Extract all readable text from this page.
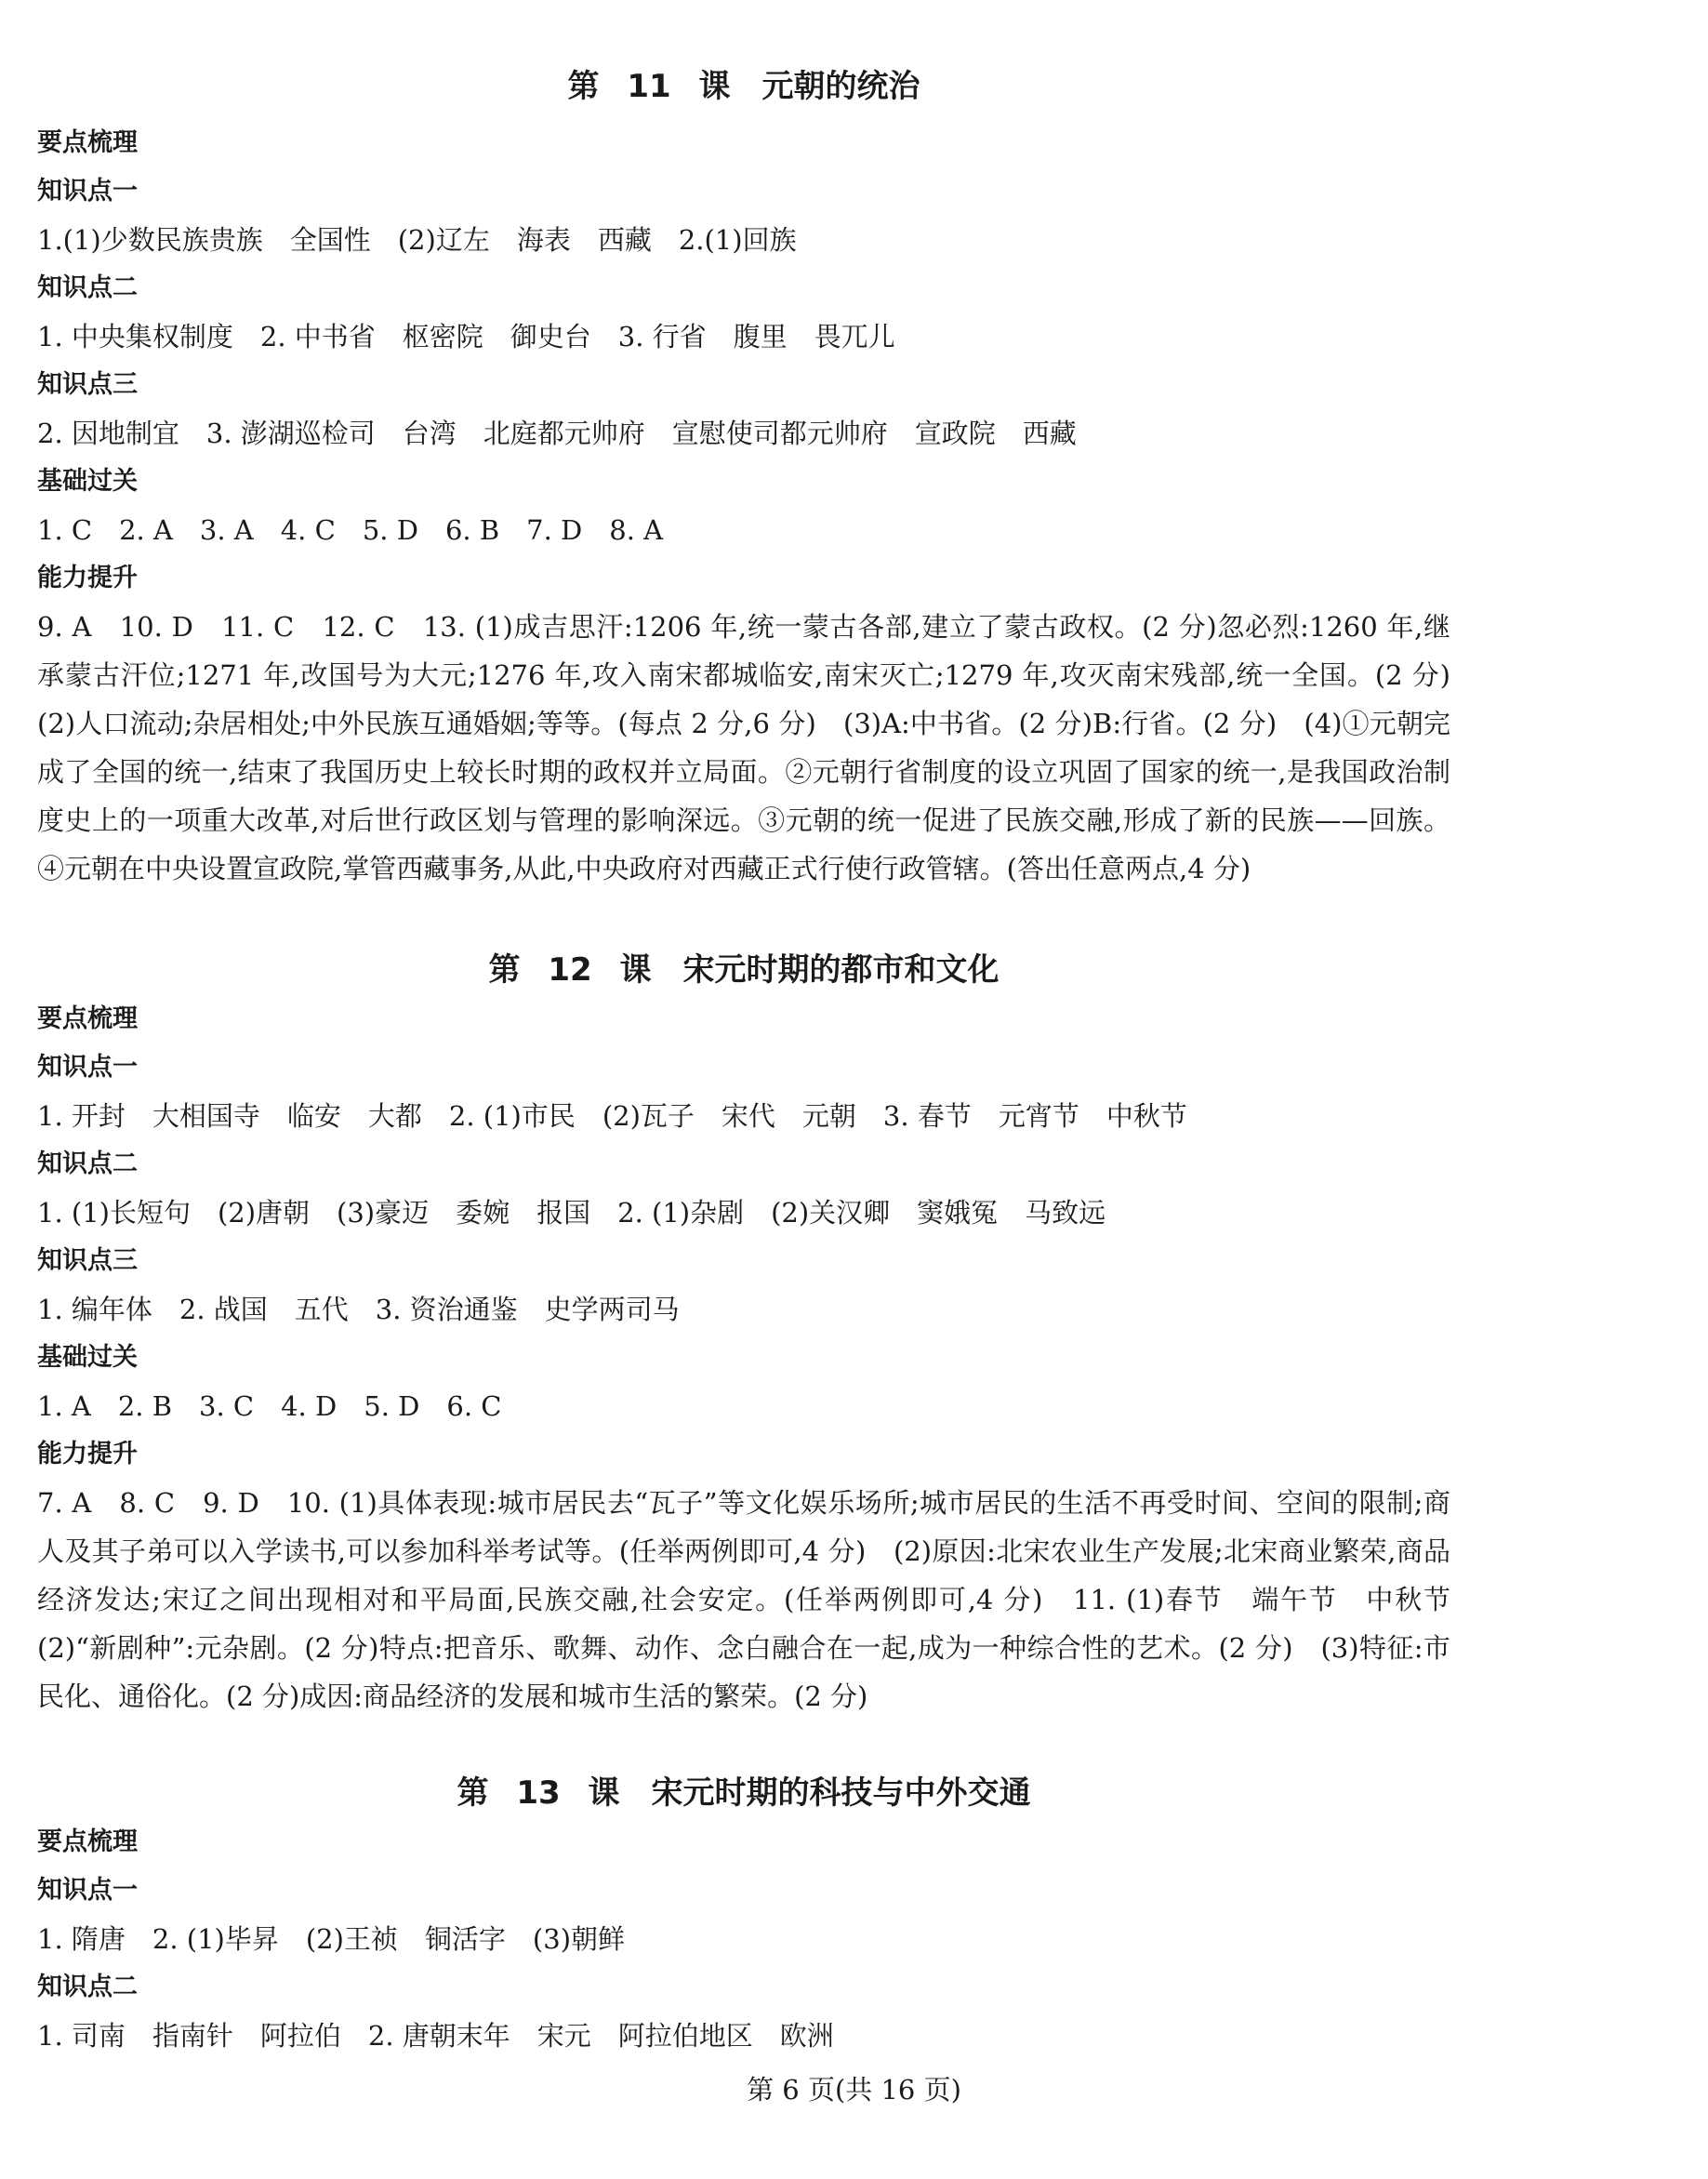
第 11 课　元朝的统治

要点梳理

知识点一

1.(1)少数民族贵族　全国性　(2)辽左　海表　西藏　2.(1)回族

知识点二

1. 中央集权制度　2. 中书省　枢密院　御史台　3. 行省　腹里　畏兀儿

知识点三

2. 因地制宜　3. 澎湖巡检司　台湾　北庭都元帅府　宣慰使司都元帅府　宣政院　西藏

基础过关

1. C　2. A　3. A　4. C　5. D　6. B　7. D　8. A

能力提升

9. A　10. D　11. C　12. C　13. (1)成吉思汗:1206 年,统一蒙古各部,建立了蒙古政权。(2 分)忽必烈:1260 年,继承蒙古汗位;1271 年,改国号为大元;1276 年,攻入南宋都城临安,南宋灭亡;1279 年,攻灭南宋残部,统一全国。(2 分)　(2)人口流动;杂居相处;中外民族互通婚姻;等等。(每点 2 分,6 分)　(3)A:中书省。(2 分)B:行省。(2 分)　(4)①元朝完成了全国的统一,结束了我国历史上较长时期的政权并立局面。②元朝行省制度的设立巩固了国家的统一,是我国政治制度史上的一项重大改革,对后世行政区划与管理的影响深远。③元朝的统一促进了民族交融,形成了新的民族——回族。④元朝在中央设置宣政院,掌管西藏事务,从此,中央政府对西藏正式行使行政管辖。(答出任意两点,4 分)

第 12 课　宋元时期的都市和文化

要点梳理

知识点一

1. 开封　大相国寺　临安　大都　2. (1)市民　(2)瓦子　宋代　元朝　3. 春节　元宵节　中秋节

知识点二

1. (1)长短句　(2)唐朝　(3)豪迈　委婉　报国　2. (1)杂剧　(2)关汉卿　窦娥冤　马致远

知识点三

1. 编年体　2. 战国　五代　3. 资治通鉴　史学两司马

基础过关

1. A　2. B　3. C　4. D　5. D　6. C

能力提升

7. A　8. C　9. D　10. (1)具体表现:城市居民去“瓦子”等文化娱乐场所;城市居民的生活不再受时间、空间的限制;商人及其子弟可以入学读书,可以参加科举考试等。(任举两例即可,4 分)　(2)原因:北宋农业生产发展;北宋商业繁荣,商品经济发达;宋辽之间出现相对和平局面,民族交融,社会安定。(任举两例即可,4 分)　11. (1)春节　端午节　中秋节　(2)“新剧种”:元杂剧。(2 分)特点:把音乐、歌舞、动作、念白融合在一起,成为一种综合性的艺术。(2 分)　(3)特征:市民化、通俗化。(2 分)成因:商品经济的发展和城市生活的繁荣。(2 分)

第 13 课　宋元时期的科技与中外交通

要点梳理

知识点一

1. 隋唐　2. (1)毕昇　(2)王祯　铜活字　(3)朝鲜

知识点二

1. 司南　指南针　阿拉伯　2. 唐朝末年　宋元　阿拉伯地区　欧洲

第 6 页(共 16 页)
